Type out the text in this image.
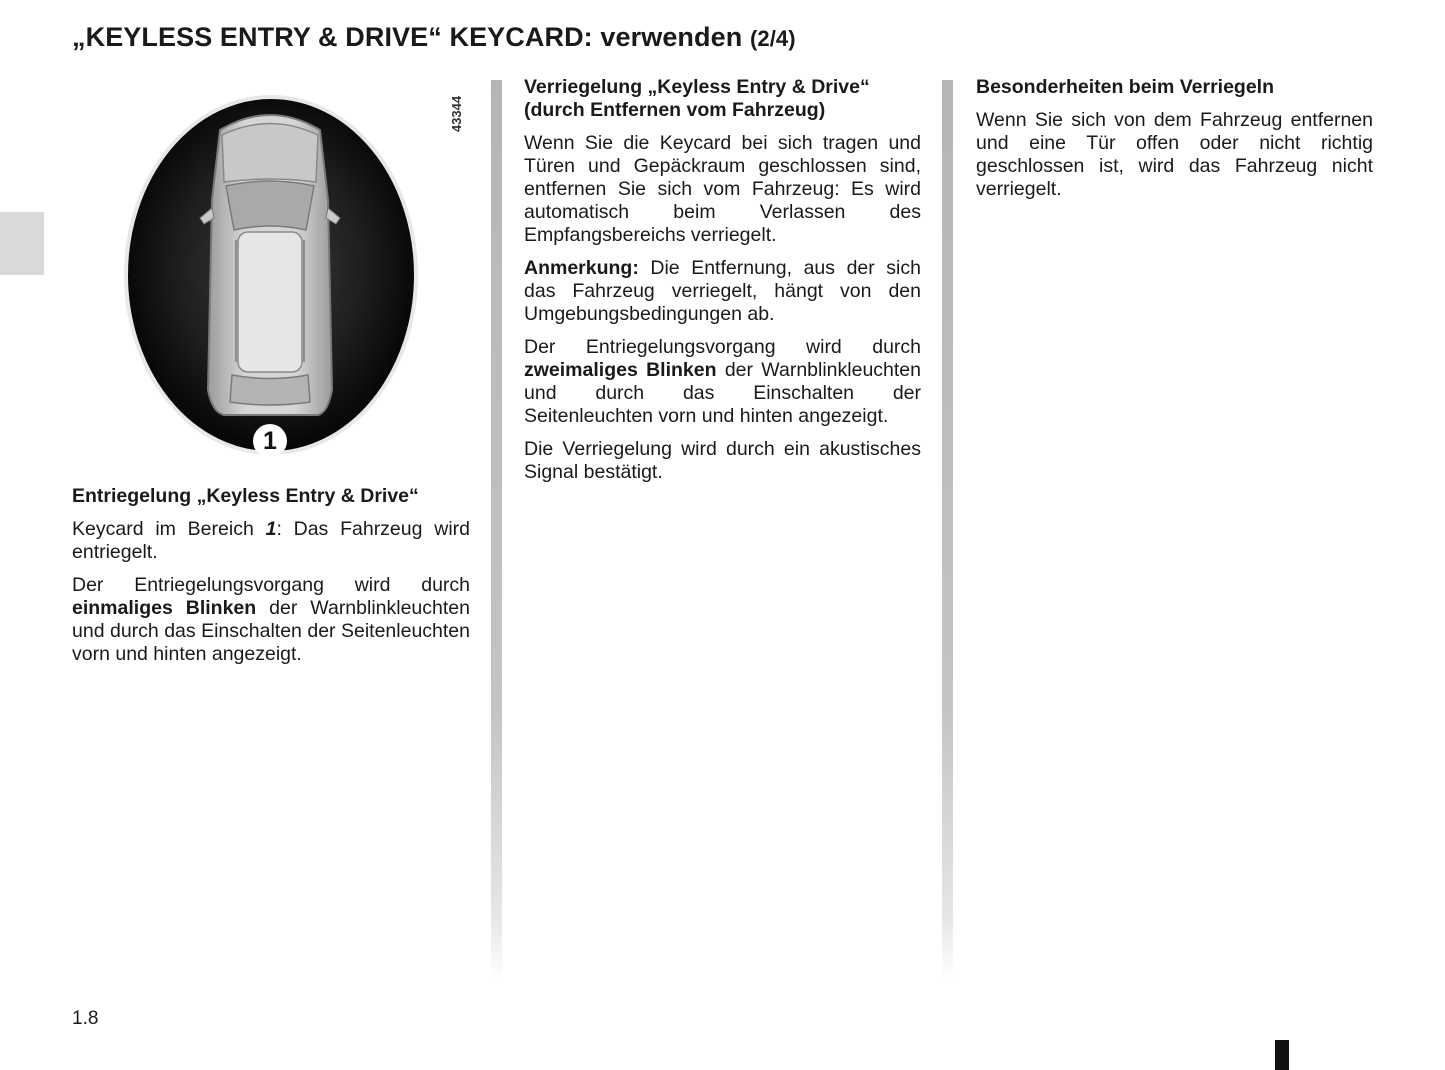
„KEYLESS ENTRY & DRIVE“ KEYCARD: verwenden (2/4)
43344
1
Entriegelung „Keyless Entry & Drive“

Keycard im Bereich 1: Das Fahrzeug wird entriegelt.

Der Entriegelungsvorgang wird durch einmaliges Blinken der Warnblinkleuchten und durch das Einschalten der Seitenleuchten vorn und hinten angezeigt.

Verriegelung „Keyless Entry & Drive“ (durch Entfernen vom Fahrzeug)

Wenn Sie die Keycard bei sich tragen und Türen und Gepäckraum geschlossen sind, entfernen Sie sich vom Fahrzeug: Es wird automatisch beim Verlassen des Empfangsbereichs verriegelt.

Anmerkung: Die Entfernung, aus der sich das Fahrzeug verriegelt, hängt von den Umgebungsbedingungen ab.

Der Entriegelungsvorgang wird durch zweimaliges Blinken der Warnblinkleuchten und durch das Einschalten der Seitenleuchten vorn und hinten angezeigt.

Die Verriegelung wird durch ein akustisches Signal bestätigt.

Besonderheiten beim Verriegeln

Wenn Sie sich von dem Fahrzeug entfernen und eine Tür offen oder nicht richtig geschlossen ist, wird das Fahrzeug nicht verriegelt.

1.8
